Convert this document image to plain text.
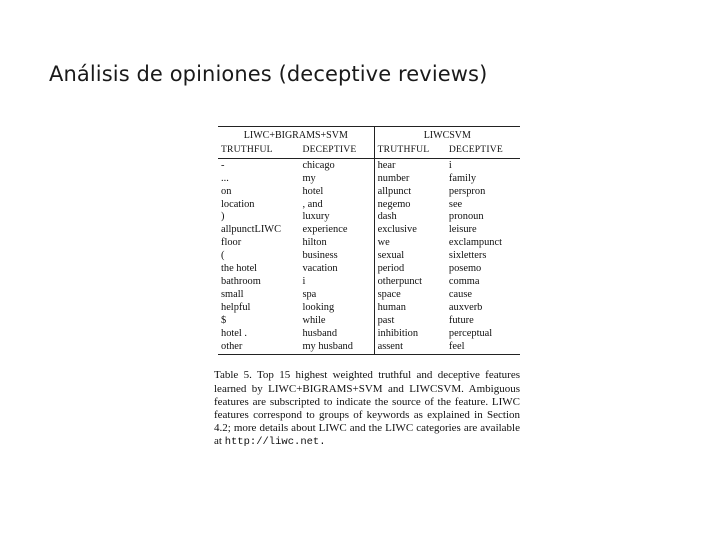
Análisis de opiniones (deceptive reviews)
LIWC+BIGRAMS+SVM		LIWCSVM	
TRUTHFUL	DECEPTIVE	TRUTHFUL	DECEPTIVE
-	chicago	hear	i
...	my	number	family
on	hotel	allpunct	perspron
location	, and	negemo	see
)	luxury	dash	pronoun
allpunctLIWC	experience	exclusive	leisure
floor	hilton	we	exclampunct
(	business	sexual	sixletters
the hotel	vacation	period	posemo
bathroom	i	otherpunct	comma
small	spa	space	cause
helpful	looking	human	auxverb
$	while	past	future
hotel .	husband	inhibition	perceptual
other	my husband	assent	feel
Table 5. Top 15 highest weighted truthful and deceptive features learned by LIWC+BIGRAMS+SVM and LIWCSVM. Ambiguous features are subscripted to indicate the source of the feature. LIWC features correspond to groups of keywords as explained in Section 4.2; more details about LIWC and the LIWC categories are available at http://liwc.net.
